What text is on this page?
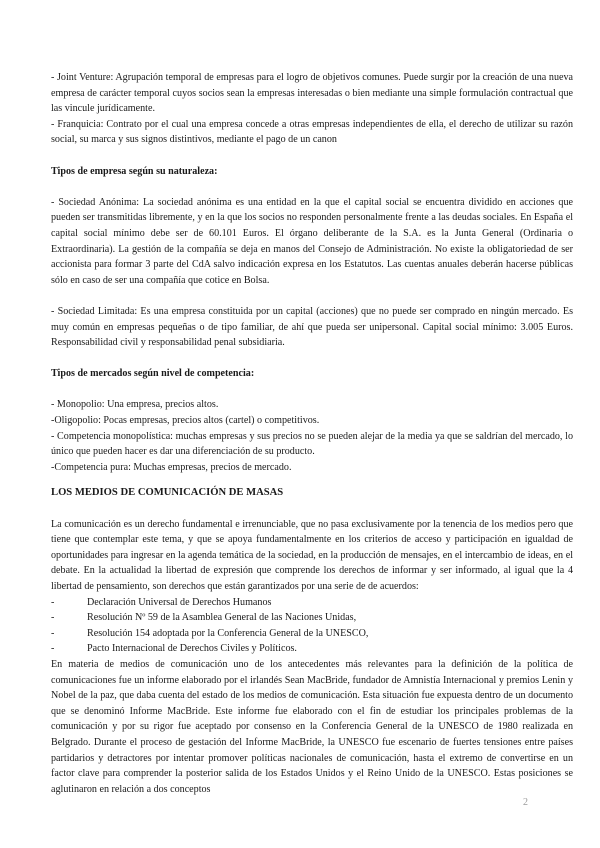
- Joint Venture: Agrupación temporal de empresas para el logro de objetivos comunes. Puede surgir por la creación de una nueva empresa de carácter temporal cuyos socios sean la empresas interesadas o bien mediante una simple formulación contractual que las vincule jurídicamente.

- Franquicia: Contrato por el cual una empresa concede a otras empresas independientes de ella, el derecho de utilizar su razón social, su marca y sus signos distintivos, mediante el pago de un canon

Tipos de empresa según su naturaleza:

- Sociedad Anónima: La sociedad anónima es una entidad en la que el capital social se encuentra dividido en acciones que pueden ser transmitidas libremente, y en la que los socios no responden personalmente frente a las deudas sociales. En España el capital social mínimo debe ser de 60.101 Euros. El órgano deliberante de la S.A. es la Junta General (Ordinaria o Extraordinaria). La gestión de la compañía se deja en manos del Consejo de Administración. No existe la obligatoriedad de ser accionista para formar 3 parte del CdA salvo indicación expresa en los Estatutos. Las cuentas anuales deberán hacerse públicas sólo en caso de ser una compañía que cotice en Bolsa.

- Sociedad Limitada: Es una empresa constituida por un capital (acciones) que no puede ser comprado en ningún mercado. Es muy común en empresas pequeñas o de tipo familiar, de ahí que pueda ser unipersonal. Capital social mínimo: 3.005 Euros. Responsabilidad civil y responsabilidad penal subsidiaria.

Tipos de mercados según nivel de competencia:

- Monopolio: Una empresa, precios altos.

-Oligopolio: Pocas empresas, precios altos (cartel) o competitivos.

- Competencia monopolística: muchas empresas y sus precios no se pueden alejar de la media ya que se saldrían del mercado, lo único que pueden hacer es dar una diferenciación de su producto.

-Competencia pura: Muchas empresas, precios de mercado.

LOS MEDIOS DE COMUNICACIÓN DE MASAS

La comunicación es un derecho fundamental e irrenunciable, que no pasa exclusivamente por la tenencia de los medios pero que tiene que contemplar este tema, y que se apoya fundamentalmente en los criterios de acceso y participación en igualdad de oportunidades para ingresar en la agenda temática de la sociedad, en la producción de mensajes, en el intercambio de ideas, en el debate. En la actualidad la libertad de expresión que comprende los derechos de informar y ser informado, al igual que la 4 libertad de pensamiento, son derechos que están garantizados por una serie de de acuerdos:

-	Declaración Universal de Derechos Humanos
-	Resolución Nº 59 de la Asamblea General de las Naciones Unidas,
-	Resolución 154 adoptada por la Conferencia General de la UNESCO,
-	Pacto Internacional de Derechos Civiles y Políticos.

En materia de medios de comunicación uno de los antecedentes más relevantes para la definición de la política de comunicaciones fue un informe elaborado por el irlandés Sean MacBride, fundador de Amnistía Internacional y premios Lenin y Nobel de la paz, que daba cuenta del estado de los medios de comunicación. Esta situación fue expuesta dentro de un documento que se denominó Informe MacBride. Este informe fue elaborado con el fin de estudiar los principales problemas de la comunicación y por su rigor fue aceptado por consenso en la Conferencia General de la UNESCO de 1980 realizada en Belgrado. Durante el proceso de gestación del Informe MacBride, la UNESCO fue escenario de fuertes tensiones entre países partidarios y detractores por intentar promover políticas nacionales de comunicación, hasta el extremo de convertirse en un factor clave para comprender la posterior salida de los Estados Unidos y el Reino Unido de la UNESCO. Estas posiciones se aglutinaron en relación a dos conceptos

2
